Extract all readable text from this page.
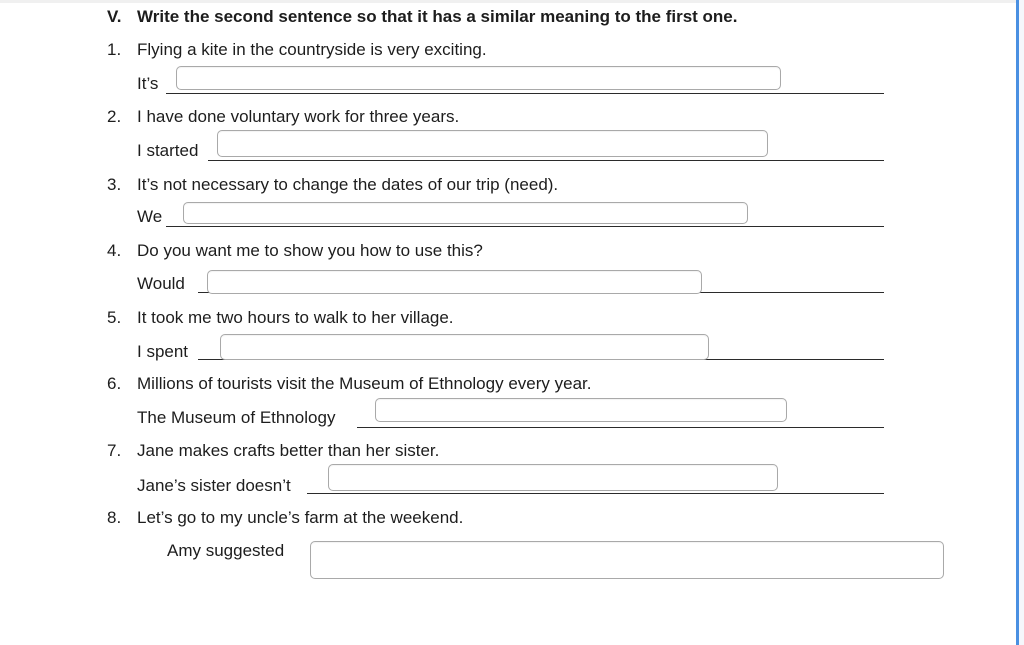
V. Write the second sentence so that it has a similar meaning to the first one.
1. Flying a kite in the countryside is very exciting.
It’s
2. I have done voluntary work for three years.
I started
3. It’s not necessary to change the dates of our trip (need).
We
4. Do you want me to show you how to use this?
Would
5. It took me two hours to walk to her village.
I spent
6. Millions of tourists visit the Museum of Ethnology every year.
The Museum of Ethnology
7. Jane makes crafts better than her sister.
Jane’s sister doesn’t
8. Let’s go to my uncle’s farm at the weekend.
Amy suggested
